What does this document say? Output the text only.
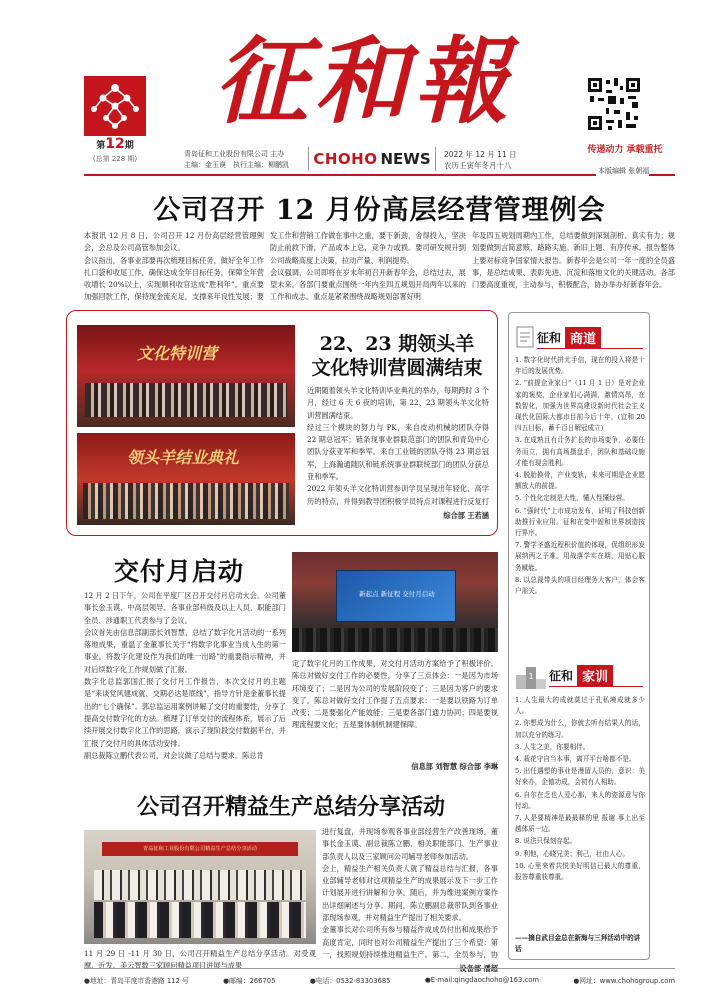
第12期
(总第 228 期)
征和報
传递动力 承载重托
青岛征和工业股份有限公司 主办
主编：金玉谟　执行主编：柳鹏凯 CHOHO NEWS 2022 年 12 月 11 日
农历壬寅年冬月十八
本版编辑 张朝福
公司召开 12 月份高层经营管理例会
本报讯 12 月 8 日，公司召开 12 月份高层经营管理例会，会总及公司高管参加会议。
会议指出，各事业部要再次梳理目标任务，做好全年工作扎口袋和收尾工作，确保达成全年目标任务，保障全年营收增长 20%以上，实现顺利收官达成“胜利年”。重点要加强回款工作，保持现金流充足，支撑来年良性发展；要
发工作和营销工作做在事中之重，要下新劲、舍得投入，坚决防止前救下滑，产品或本上总，竞争力或损。要司研发规升到公司战略高度上决策，拉动产量、利润提势。
会议强调，公司即将在岁末年初召开新春年会，总结过去，展望未来。各部门要重点围绕一年内至四五规划开局两年以来的工作和成志。重点是紧紧围绕战略规划部署好明
年及四五规划周期内工作，总结要做到深刻剖析、真实有力；规划要做到言简意赅、路路实施。新旧上题、有序传承。报告整体上要对标竞争国家情大报告。新春年会是公司一年一度的全员盛事，是总结成果、表彰先进、沉淀和落地文化的关键活动。各部门要高度重视，主动参与，积极配合，协办举办好新春年会。
文化特训营
领头羊结业典礼
22、23 期领头羊
文化特训营圆满结束
近期随着领头羊文化特训毕业典礼的举办，每期跨时 3 个月，经过 6 天 6 夜的培训，第 22、23 期领头羊文化特训营圆满结束。
经过三个模块的努力与 PK，来自皮动机械的团队夺得 22 期总冠军；链条现事业群联范部门的团队和青岛中心团队分获亚军和季军。来自工业链的团队夺得 23 期总冠军，上海瀚通随队和链系统事业群联统部门的团队分获总亚和季军。
2022 年领头羊文化特训营参训学员呈现出年轻化、高学历的特点，并得到教导团积极学员特点对课程进行反复打
综合部 王若涵
交付月启动
新起点 新征程 交付月启动
12 月 2 日下午，公司在平度厂区召开交付月启动大会。公司董事长金玉谟、中高层领导、各事业部科级及以上人员、职能部门全员、涉通职工代表参与了会议。
会议首先由信息部副部长刘智慧，总结了数字化月活动的一系列落地成果，重温了金董事长关于“将数字化事业当成人生的第一事业，将数字化建设作为我们的唯一出路”的重要指示精神，并对后续数字化工作规划做了汇报。
数字化总监郭国汇报了交付月工作报告，本次交付月的主题是“来谈党风建成就、交期必达是底线”，指导方针是金董事长提出的“七个确保”。郭总监运用案例讲解了交付的重要性，分享了提高交付数字化的方法。梳理了订单交付的流程体系，展示了后续开展交付数字化工作的思路，演示了现阶段交付数据平台，并汇报了交付月的具体活动安排。
副总裁陈立鹏代表公司，对会议做了总结与要求。陈总肯
定了数字化月的工作成果，对交付月活动方案给予了积极评价。陈总对做好交付工作的必要性，分享了三点体会：一是因为市场环境变了；二是因为公司的发展阶段变了；三是因为客户的要求变了。陈总对做好交付工作提了五点要求：一是要以铁路为订单改变；二是要强化产能效能；三是要各部门通力协同；四是要视理流程要文化；五是要体制机制建保障。
信息部 刘智慧 综合部 李琳
公司召开精益生产总结分享活动
青岛征和工业股份有限公司精益生产总结分享活动
11 月 29 日 -11 月 30 日，公司召开精益生产总结分享活动。对受观摩、近发、美云智数三家顾问精益项目进展与成果
进行复盘，并现场参观各事业部经营生产改善现场。董事长金玉谟、副总裁陈立鹏、相关职能部门、生产事业部负责人以及三家顾问公司辅导老师参加活动。
会上，精益生产相关负责人就了精益总结与汇报，各事业部辅导老师对这项精益生产的成果展示及下一步工作计划展开进行讲解和分享。随后，并为维进案例方案作出详细阐述与分享。期间，陈立鹏副总裁带队到各事业部现场参观，并对精益生产提出了相关要求。
金董事长对公司所有参与精益件成成员付出和成果给予高度肯定，同时也对公司精益生产提出了三个希望：第一，找照规划持续推进精益生产。第二，全员参与，协
设备部 潘超
征和 商道
1. 数字化时代拼尤手信，现在的投入将是十年后的发展优势。
2. “前提企业家日”（11 月 1 日）是对企业家的褒奖，企业家们心满满，激情高昂，在数智化，加强为世界高建设新时代社会主义现代化国际大都市目前今后十年，(宜和 20 四五目标，蓄千百日解冠成立)
3. 在成熟且有计务扩长的市场变争，必要任务而立，拥有高场摄盘手，团队和基础设施才能有现会胜利。
4. 脱胎换骨，产业变轨，未来可期是企业愿额放大的前提。
5. 个性化定制是大性，懂人性懂经营。
6. “强时代”上市成功发布，证明了科技创新助推行业应用。征和在变中固和世界制造按行界序。
7. 警学圣盛近程积价值的体现，促组织形发展纳两之予难。用战落学实在期，用贴心服务赋能。
8. 以总裁带头的项目经理务大客户，体会客户需关。
1 征和 家训
1. 人生最大的成就莫过于孔私境成就多少人。
2. 你想成为什么，你就去听有结果人的话，加以充分的练习。
3. 人生之美，你要相伴。
4. 栽花守自当本事，离开平台啥都不是。
5. 出任遇塑的事业是漫留人员的，意识：美好来办，企德功成，会初有人相助。
6. 自尔在乏也人爱心那，来人的姿源意与你付动。
7. 人是要精神是最最释的里 报谢 事上出至越体质一边。
8. 说法只保刻存起。
9. 利他，心晓兄美；利己，壮由人心。
10. 心里来着共悦美好明信已最大的尊重，报答尊重获尊重。
——摘自武目金总在新海与三拜活动中的讲话
●地址：青岛平度市香港路 112 号	●邮编：266705	●电话：0532-83303685	●E-mail:qingdaochoho@163.com	●网址：www.chohogroup.com
